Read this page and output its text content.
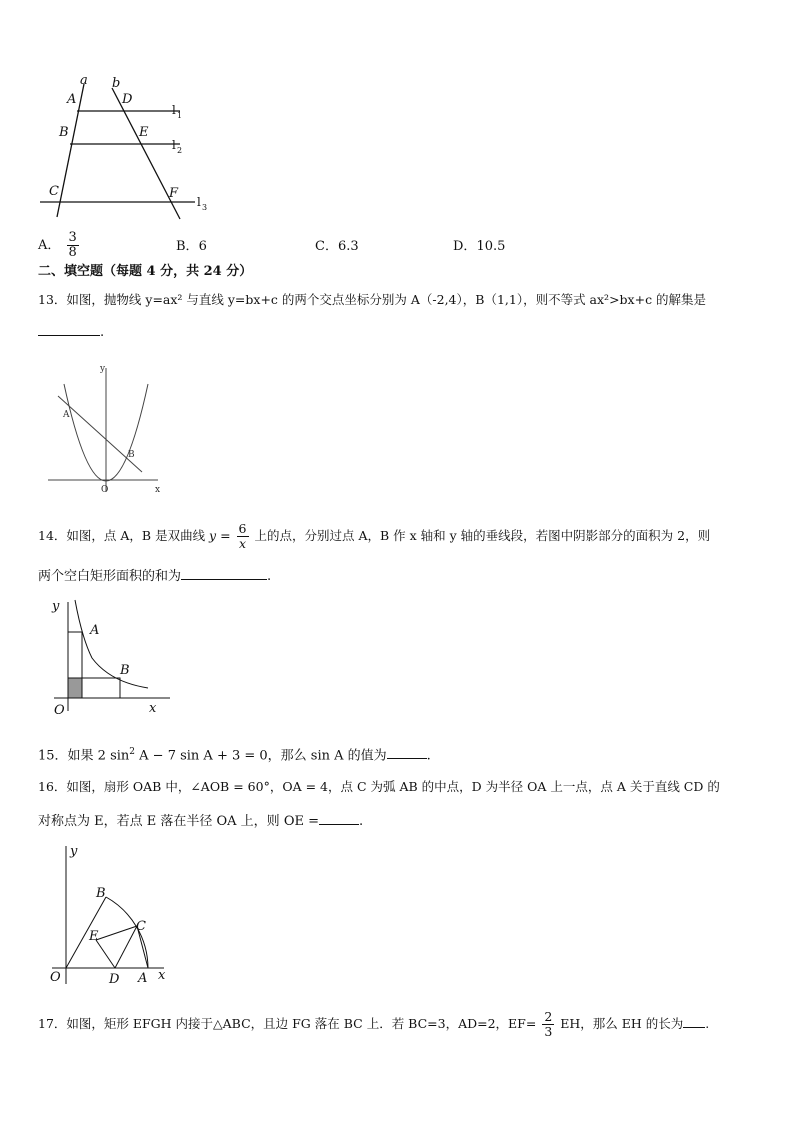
a b
A	D
B	E
C	F
l 1
l 2
l 3
A． $\frac{3}{8}$	B．6	C．6.3	D．10.5
二、填空题（每题 4 分，共 24 分）
13．如图，抛物线 y=ax² 与直线 y=bx+c 的两个交点坐标分别为 A（-2,4），B（1,1），则不等式 ax²>bx+c 的解集是
.
y
x
O
A
B
14．如图，点 A，B 是双曲线 $y = \frac{6}{x}$ 上的点，分别过点 A，B 作 x 轴和 y 轴的垂线段，若图中阴影部分的面积为 2，则
两个空白矩形面积的和为	.
y
x
O
A
B
15．如果 2 $\sin^2 A - 7$ sin A + 3 = 0，那么 sin A 的值为	.
16．如图，扇形 OAB 中，∠AOB = 60°，OA = 4，点 C 为弧 AB 的中点，D 为半径 OA 上一点，点 A 关于直线 CD 的
对称点为 E，若点 E 落在半径 OA 上，则 OE =	.
y
x
O	A
B
C
D
E
17．如图，矩形 EFGH 内接于△ABC，且边 FG 落在 BC 上．若 BC=3，AD=2，$EF= \frac{2}{3}$ EH，那么 EH 的长为 .
